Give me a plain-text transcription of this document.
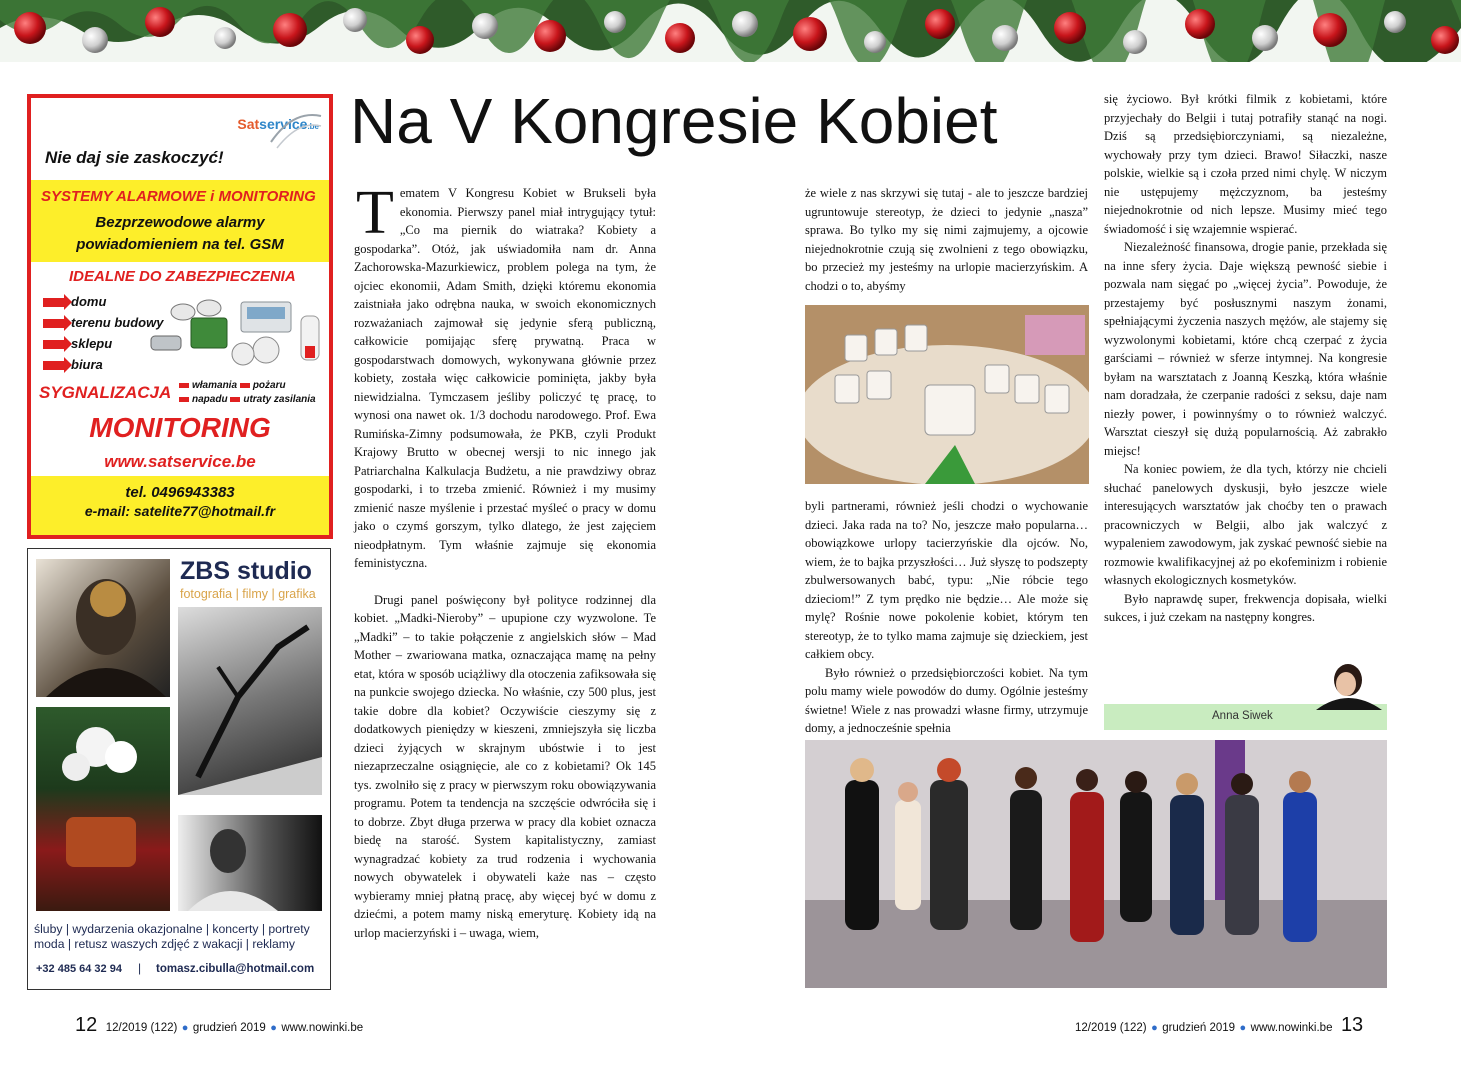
Satservice.be
Nie daj sie zaskoczyć!
SYSTEMY ALARMOWE i MONITORING
Bezprzewodowe alarmy
powiadomieniem na tel. GSM
IDEALNE DO ZABEZPIECZENIA
domu
terenu budowy
sklepu
biura
SYGNALIZACJA	włamania pożaru
napadu utraty zasilania
MONITORING
www.satservice.be
tel. 0496943383
e-mail: satelite77@hotmail.fr
ZBS studio
fotografia | filmy | grafika
śluby | wydarzenia okazjonalne | koncerty | portrety
moda | retusz waszych zdjęć z wakacji | reklamy
+32 485 64 32 94 | tomasz.cibulla@hotmail.com
Na V Kongresie Kobiet

Tematem V Kongresu Kobiet w Brukseli była ekonomia. Pierwszy panel miał intrygujący tytuł: „Co ma piernik do wiatraka? Kobiety a gospodarka”. Otóż, jak uświadomiła nam dr. Anna Zachorowska-Mazurkiewicz, problem polega na tym, że ojciec ekonomii, Adam Smith, dzięki któremu ekonomia zaistniała jako odrębna nauka, w swoich ekonomicznych rozważaniach zajmował się jedynie sferą publiczną, całkowicie pomijając sferę prywatną. Praca w gospodarstwach domowych, wykonywana głównie przez kobiety, została więc całkowicie pominięta, jakby była niewidzialna. Tymczasem jeśliby policzyć tę pracę, to wynosi ona nawet ok. 1/3 dochodu narodowego. Prof. Ewa Rumińska-Zimny podsumowała, że PKB, czyli Produkt Krajowy Brutto w obecnej wersji to nic innego jak Patriarchalna Kalkulacja Budżetu, a nie prawdziwy obraz gospodarki, i to trzeba zmienić. Również i my musimy zmienić nasze myślenie i przestać myśleć o pracy w domu jako o czymś gorszym, tylko dlatego, że jest zajęciem nieodpłatnym. Tym właśnie zajmuje się ekonomia feministyczna.

Drugi panel poświęcony był polityce rodzinnej dla kobiet. „Madki-Nieroby” – upupione czy wyzwolone. Te „Madki” – to takie połączenie z angielskich słów – Mad Mother – zwariowana matka, oznaczająca mamę na pełny etat, która w sposób uciążliwy dla otoczenia zafiksowała się na punkcie swojego dziecka. No właśnie, czy 500 plus, jest takie dobre dla kobiet? Oczywiście cieszymy się z dodatkowych pieniędzy w kieszeni, zmniejszyła się liczba dzieci żyjących w skrajnym ubóstwie i to jest niezaprzeczalne osiągnięcie, ale co z kobietami? Ok 145 tys. zwolniło się z pracy w pierwszym roku obowiązywania programu. Potem ta tendencja na szczęście odwróciła się i to dobrze. Zbyt długa przerwa w pracy dla kobiet oznacza biedę na starość. System kapitalistyczny, zamiast wynagradzać kobiety za trud rodzenia i wychowania nowych obywatelek i obywateli każe nas – często wybieramy mniej płatną pracę, aby więcej być w domu z dziećmi, a potem mamy niską emeryturę. Kobiety idą na urlop macierzyński i – uwaga, wiem,

że wiele z nas skrzywi się tutaj - ale to jeszcze bardziej ugruntowuje stereotyp, że dzieci to jedynie „nasza” sprawa. Bo tylko my się nimi zajmujemy, a ojcowie niejednokrotnie czują się zwolnieni z tego obowiązku, bo przecież my jesteśmy na urlopie macierzyńskim. A chodzi o to, abyśmy

byli partnerami, również jeśli chodzi o wychowanie dzieci. Jaka rada na to? No, jeszcze mało popularna… obowiązkowe urlopy tacierzyńskie dla ojców. No, wiem, że to bajka przyszłości… Już słyszę to podszepty zbulwersowanych babć, typu: „Nie róbcie tego dzieciom!” Z tym prędko nie będzie… Ale może się mylę? Rośnie nowe pokolenie kobiet, którym ten stereotyp, że to tylko mama zajmuje się dzieckiem, jest całkiem obcy.

Było również o przedsiębiorczości kobiet. Na tym polu mamy wiele powodów do dumy. Ogólnie jesteśmy świetne! Wiele z nas prowadzi własne firmy, utrzymuje domy, a jednocześnie spełnia

się życiowo. Był krótki filmik z kobietami, które przyjechały do Belgii i tutaj potrafiły stanąć na nogi. Dziś są przedsiębiorczyniami, są niezależne, wychowały przy tym dzieci. Brawo! Siłaczki, nasze polskie, wielkie są i czoła przed nimi chylę. W niczym nie ustępujemy mężczyznom, ba jesteśmy niejednokrotnie od nich lepsze. Musimy mieć tego świadomość i się wzajemnie wspierać.

Niezależność finansowa, drogie panie, przekłada się na inne sfery życia. Daje większą pewność siebie i pozwala nam sięgać po „więcej życia”. Powoduje, że przestajemy być posłusznymi naszym żonami, spełniającymi życzenia naszych mężów, ale stajemy się wyzwolonymi kobietami, które chcą czerpać z życia garściami – również w sferze intymnej. Na kongresie byłam na warsztatach z Joanną Keszką, która właśnie nam doradzała, że czerpanie radości z seksu, daje nam niezły power, i powinnyśmy o to również walczyć. Warsztat cieszył się dużą popularnością. Aż zabrakło miejsc!

Na koniec powiem, że dla tych, którzy nie chcieli słuchać panelowych dyskusji, było jeszcze wiele interesujących warsztatów jak choćby ten o prawach pracowniczych w Belgii, albo jak walczyć z wypaleniem zawodowym, jak zyskać pewność siebie na rozmowie kwalifikacyjnej aż po ekofeminizm i robienie własnych ekologicznych kosmetyków.

Było naprawdę super, frekwencja dopisała, wielki sukces, i już czekam na następny kongres.

Anna Siwek
12 12/2019 (122) ● grudzień 2019 ● www.nowinki.be	12/2019 (122) ● grudzień 2019 ● www.nowinki.be 13
